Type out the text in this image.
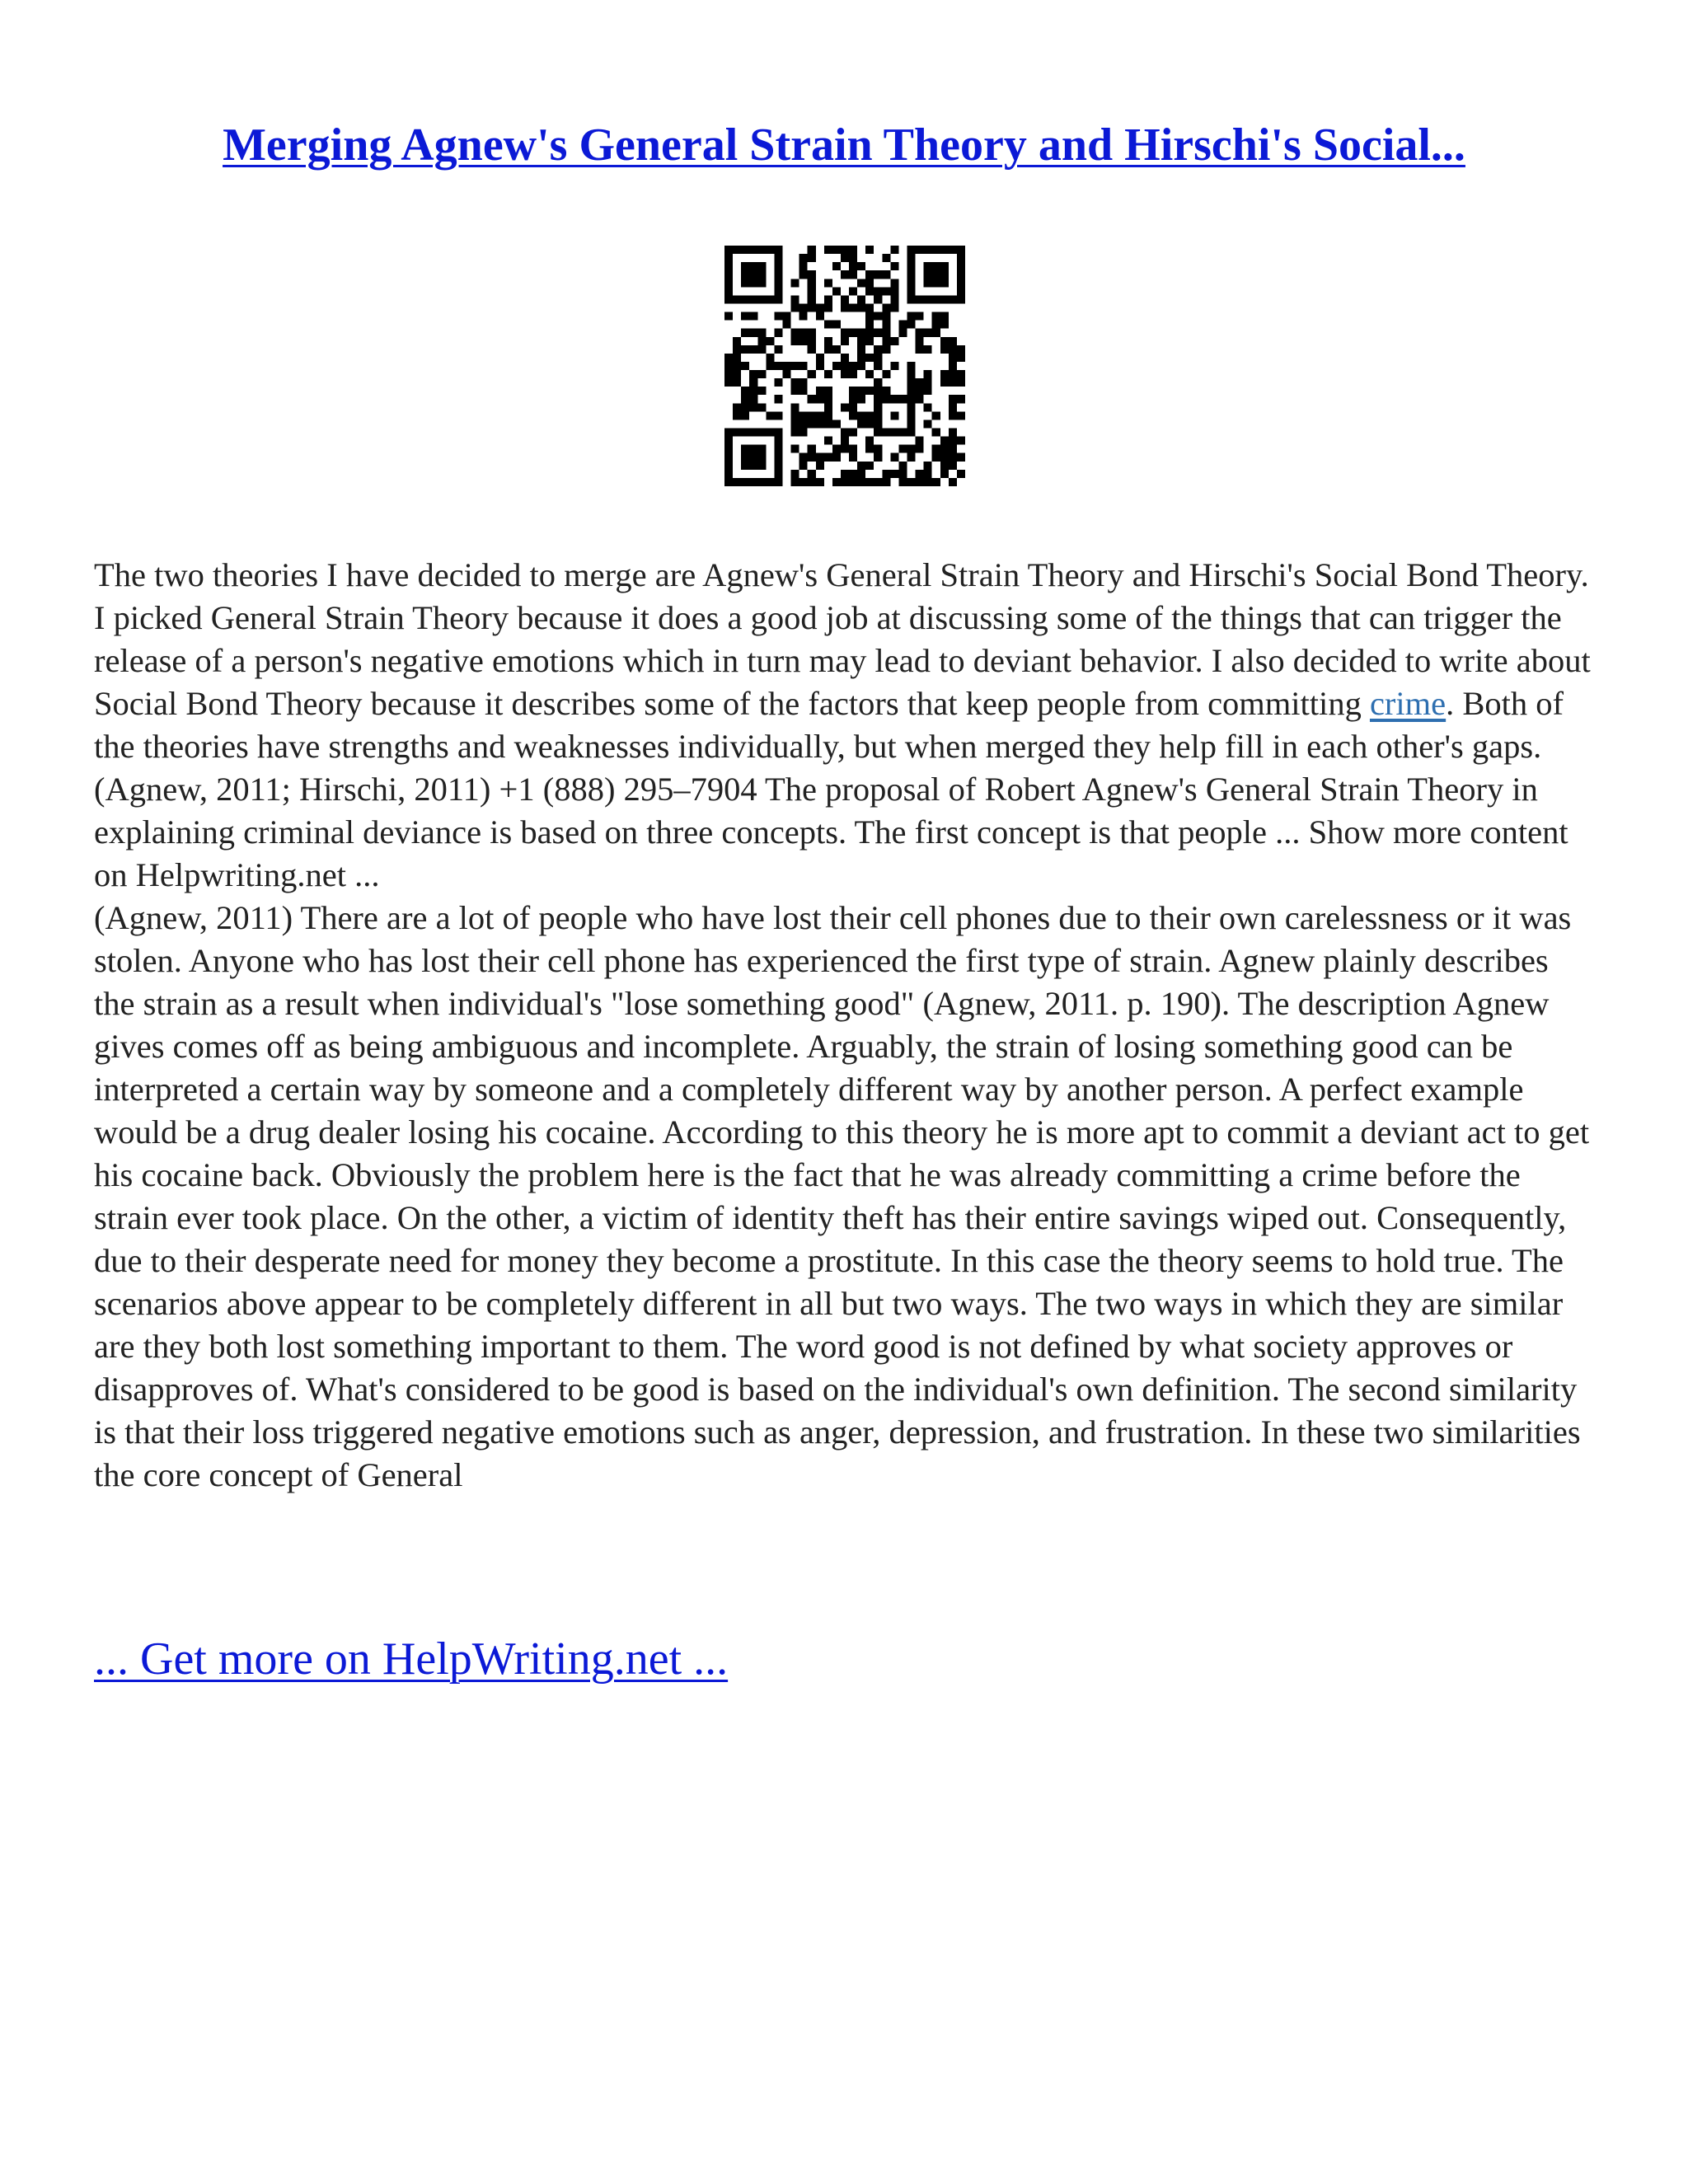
Merging Agnew's General Strain Theory and Hirschi's Social...

The two theories I have decided to merge are Agnew's General Strain Theory and Hirschi's Social Bond Theory. I picked General Strain Theory because it does a good job at discussing some of the things that can trigger the release of a person's negative emotions which in turn may lead to deviant behavior. I also decided to write about Social Bond Theory because it describes some of the factors that keep people from committing crime. Both of the theories have strengths and weaknesses individually, but when merged they help fill in each other's gaps. (Agnew, 2011; Hirschi, 2011) +1 (888) 295–7904 The proposal of Robert Agnew's General Strain Theory in explaining criminal deviance is based on three concepts. The first concept is that people ... Show more content on Helpwriting.net ...

(Agnew, 2011) There are a lot of people who have lost their cell phones due to their own carelessness or it was stolen. Anyone who has lost their cell phone has experienced the first type of strain. Agnew plainly describes the strain as a result when individual's "lose something good" (Agnew, 2011. p. 190). The description Agnew gives comes off as being ambiguous and incomplete. Arguably, the strain of losing something good can be interpreted a certain way by someone and a completely different way by another person. A perfect example would be a drug dealer losing his cocaine. According to this theory he is more apt to commit a deviant act to get his cocaine back. Obviously the problem here is the fact that he was already committing a crime before the strain ever took place. On the other, a victim of identity theft has their entire savings wiped out. Consequently, due to their desperate need for money they become a prostitute. In this case the theory seems to hold true. The scenarios above appear to be completely different in all but two ways. The two ways in which they are similar are they both lost something important to them. The word good is not defined by what society approves or disapproves of. What's considered to be good is based on the individual's own definition. The second similarity is that their loss triggered negative emotions such as anger, depression, and frustration. In these two similarities the core concept of General

... Get more on HelpWriting.net ...
